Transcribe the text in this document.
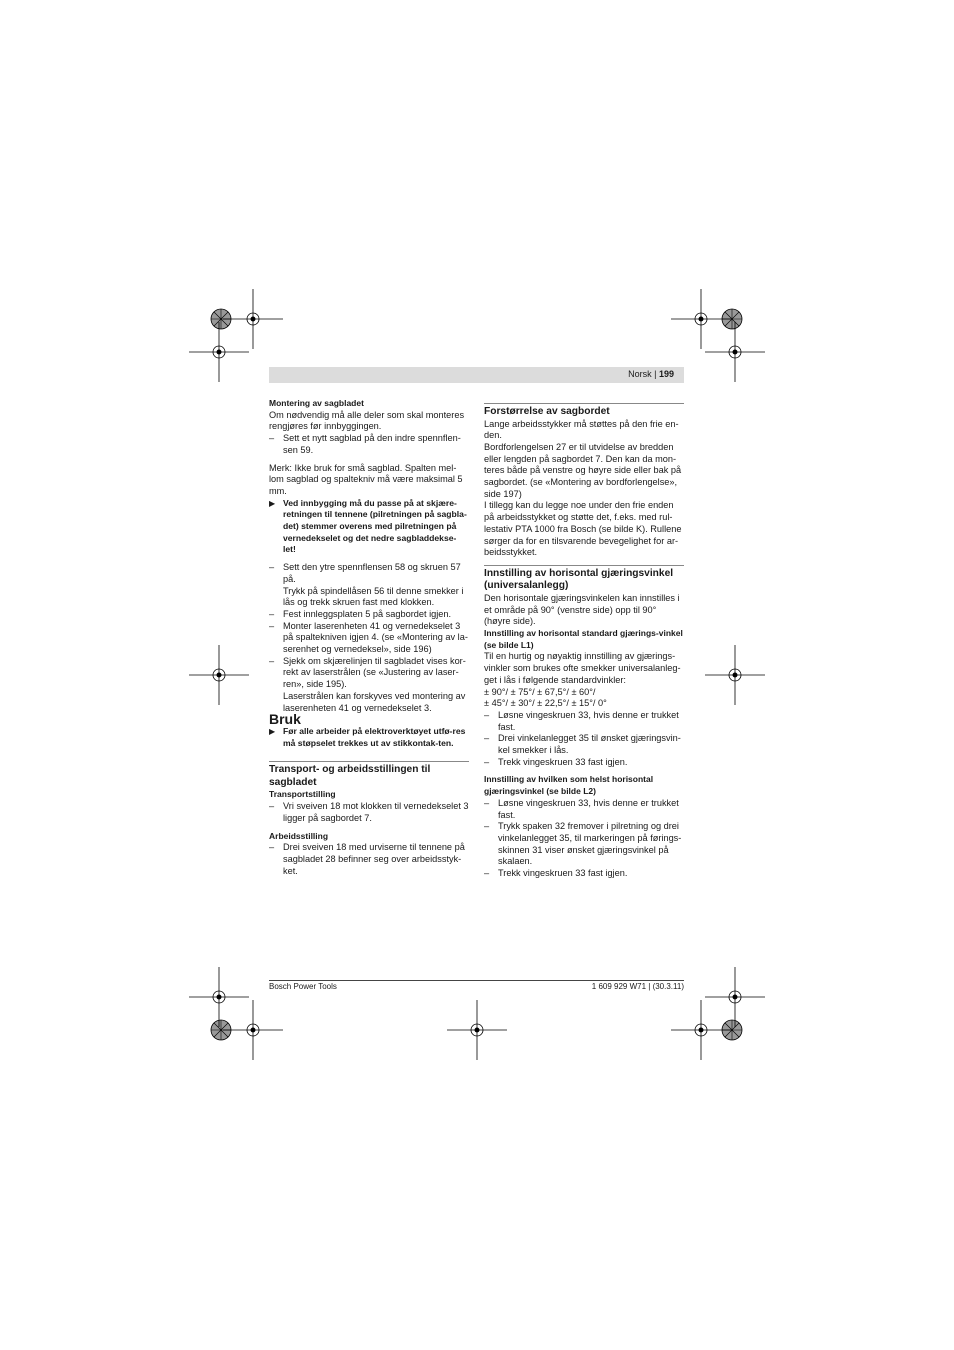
Norsk | 199

Montering av sagbladet

Om nødvendig må alle deler som skal monteres rengjøres før innbyggingen.

– Sett et nytt sagblad på den indre spennflen-sen 59.

Merk: Ikke bruk for små sagblad. Spalten mel-lom sagblad og spaltekniv må være maksimal 5 mm.

▶ Ved innbygging må du passe på at skjære-retningen til tennene (pilretningen på sagbla-det) stemmer overens med pilretningen på vernedekselet og det nedre sagbladdekse-let!
– Sett den ytre spennflensen 58 og skruen 57 på.
Trykk på spindellåsen 56 til denne smekker i lås og trekk skruen fast med klokken.
– Fest innleggsplaten 5 på sagbordet igjen.
– Monter laserenheten 41 og vernedekselet 3 på spaltekniven igjen 4. (se «Montering av la-serenhet og vernedeksel», side 196)
– Sjekk om skjærelinjen til sagbladet vises kor-rekt av laserstrålen (se «Justering av laser-ren», side 195).
Laserstrålen kan forskyves ved montering av laserenheten 41 og vernedekselet 3.

Bruk

▶ Før alle arbeider på elektroverktøyet utfø-res må støpselet trekkes ut av stikkontak-ten.

Transport- og arbeidsstillingen til sagbladet

Transportstilling

– Vri sveiven 18 mot klokken til vernedekselet 3 ligger på sagbordet 7.

Arbeidsstilling

– Drei sveiven 18 med urviserne til tennene på sagbladet 28 befinner seg over arbeidsstyk-ket.

Forstørrelse av sagbordet

Lange arbeidsstykker må støttes på den frie en-den.

Bordforlengelsen 27 er til utvidelse av bredden eller lengden på sagbordet 7. Den kan da mon-teres både på venstre og høyre side eller bak på sagbordet. (se «Montering av bordforlengelse», side 197)

I tillegg kan du legge noe under den frie enden på arbeidsstykket og støtte det, f.eks. med rul-lestativ PTA 1000 fra Bosch (se bilde K). Rullene sørger da for en tilsvarende bevegelighet for ar-beidsstykket.

Innstilling av horisontal gjæringsvinkel (universalanlegg)

Den horisontale gjæringsvinkelen kan innstilles i et område på 90° (venstre side) opp til 90° (høyre side).

Innstilling av horisontal standard gjærings-vinkel (se bilde L1)

Til en hurtig og nøyaktig innstilling av gjærings-vinkler som brukes ofte smekker universalanleg-get i lås i følgende standardvinkler:

± 90°/ ± 75°/ ± 67,5°/ ± 60°/

± 45°/ ± 30°/ ± 22,5°/ ± 15°/ 0°

– Løsne vingeskruen 33, hvis denne er trukket fast.
– Drei vinkelanlegget 35 til ønsket gjæringsvin-kel smekker i lås.
– Trekk vingeskruen 33 fast igjen.

Innstilling av hvilken som helst horisontal gjæringsvinkel (se bilde L2)

– Løsne vingeskruen 33, hvis denne er trukket fast.
– Trykk spaken 32 fremover i pilretning og drei vinkelanlegget 35, til markeringen på førings-skinnen 31 viser ønsket gjæringsvinkel på skalaen.
– Trekk vingeskruen 33 fast igjen.
Bosch Power Tools	1 609 929 W71 | (30.3.11)
